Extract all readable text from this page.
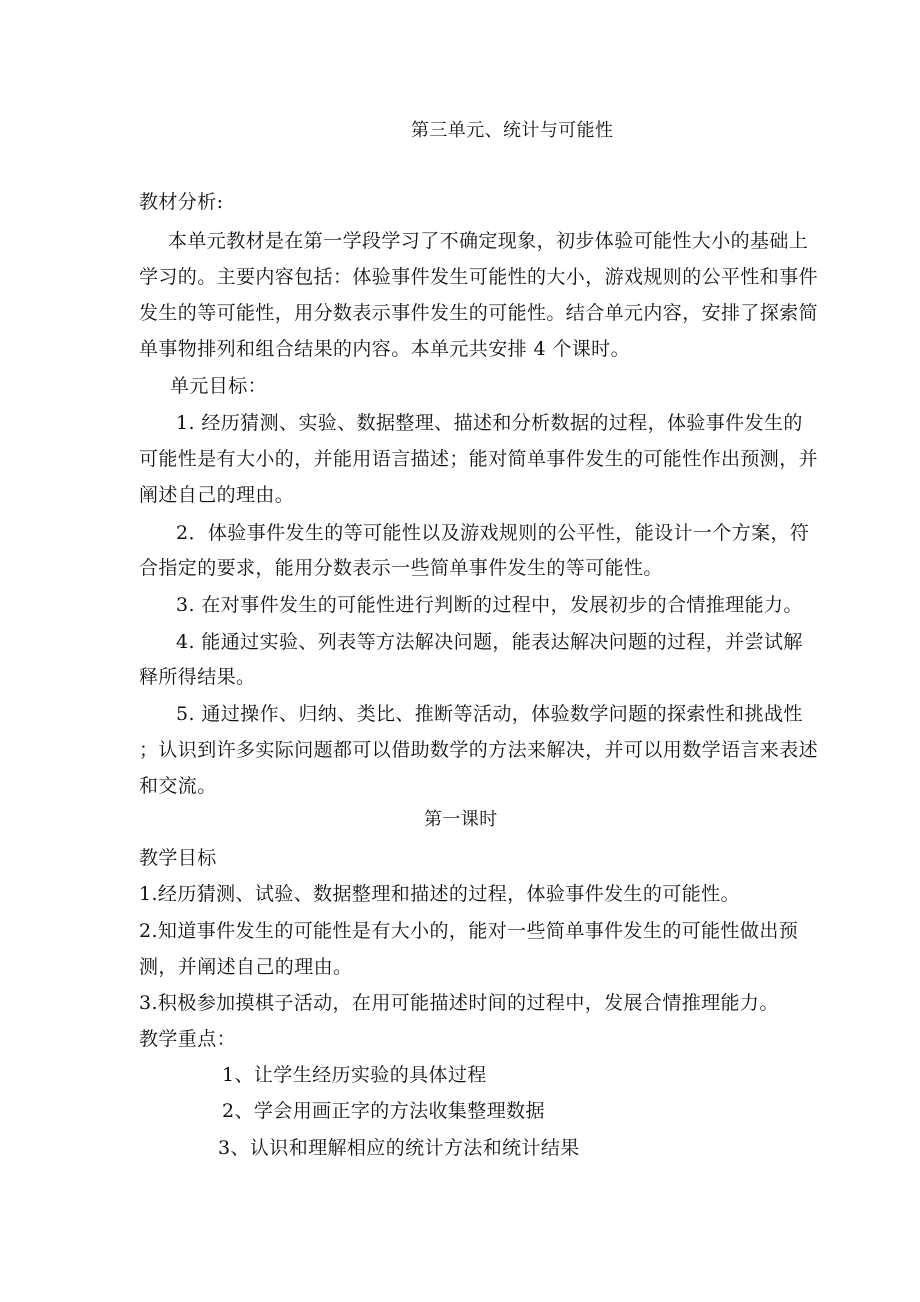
第三单元、统计与可能性
教材分析:
本单元教材是在第一学段学习了不确定现象，初步体验可能性大小的基础上
学习的。主要内容包括：体验事件发生可能性的大小，游戏规则的公平性和事件
发生的等可能性，用分数表示事件发生的可能性。结合单元内容，安排了探索简
单事物排列和组合结果的内容。本单元共安排 4 个课时。
单元目标：
1. 经历猜测、实验、数据整理、描述和分析数据的过程，体验事件发生的
可能性是有大小的，并能用语言描述；能对简单事件发生的可能性作出预测，并
阐述自己的理由。
2．体验事件发生的等可能性以及游戏规则的公平性，能设计一个方案，符
合指定的要求，能用分数表示一些简单事件发生的等可能性。
3. 在对事件发生的可能性进行判断的过程中，发展初步的合情推理能力。
4. 能通过实验、列表等方法解决问题，能表达解决问题的过程，并尝试解
释所得结果。
5. 通过操作、归纳、类比、推断等活动，体验数学问题的探索性和挑战性
；认识到许多实际问题都可以借助数学的方法来解决，并可以用数学语言来表述
和交流。
第一课时
教学目标
1.经历猜测、试验、数据整理和描述的过程，体验事件发生的可能性。
2.知道事件发生的可能性是有大小的，能对一些简单事件发生的可能性做出预
测，并阐述自己的理由。
3.积极参加摸棋子活动，在用可能描述时间的过程中，发展合情推理能力。
教学重点：
1、让学生经历实验的具体过程
2、学会用画正字的方法收集整理数据
3、认识和理解相应的统计方法和统计结果
